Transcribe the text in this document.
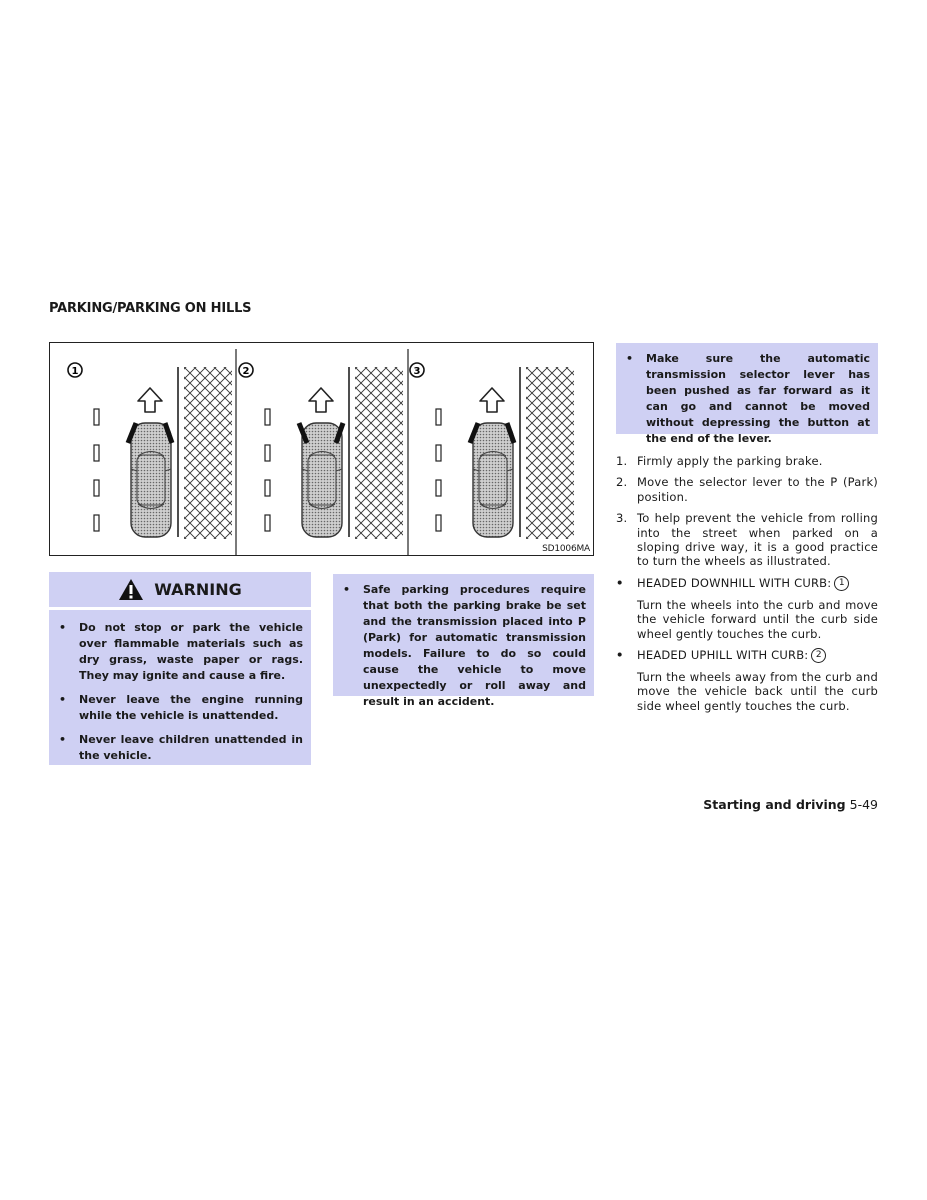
PARKING/PARKING ON HILLS
1	2	3
SD1006MA
WARNING
•	Do not stop or park the vehicle over flammable materials such as dry grass, waste paper or rags. They may ignite and cause a fire.
•	Never leave the engine running while the vehicle is unattended.
•	Never leave children unattended in the vehicle.
•	Safe parking procedures require that both the parking brake be set and the transmission placed into P (Park) for automatic transmission models. Failure to do so could cause the vehicle to move unexpectedly or roll away and result in an accident.
•	Make sure the automatic transmission selector lever has been pushed as far forward as it can go and cannot be moved without depressing the button at the end of the lever.
1. Firmly apply the parking brake.
2. Move the selector lever to the P (Park) position.
3. To help prevent the vehicle from rolling into the street when parked on a sloping drive way, it is a good practice to turn the wheels as illustrated.
•	HEADED DOWNHILL WITH CURB: 1
Turn the wheels into the curb and move the vehicle forward until the curb side wheel gently touches the curb.
•	HEADED UPHILL WITH CURB: 2
Turn the wheels away from the curb and move the vehicle back until the curb side wheel gently touches the curb.
Starting and driving 5-49
